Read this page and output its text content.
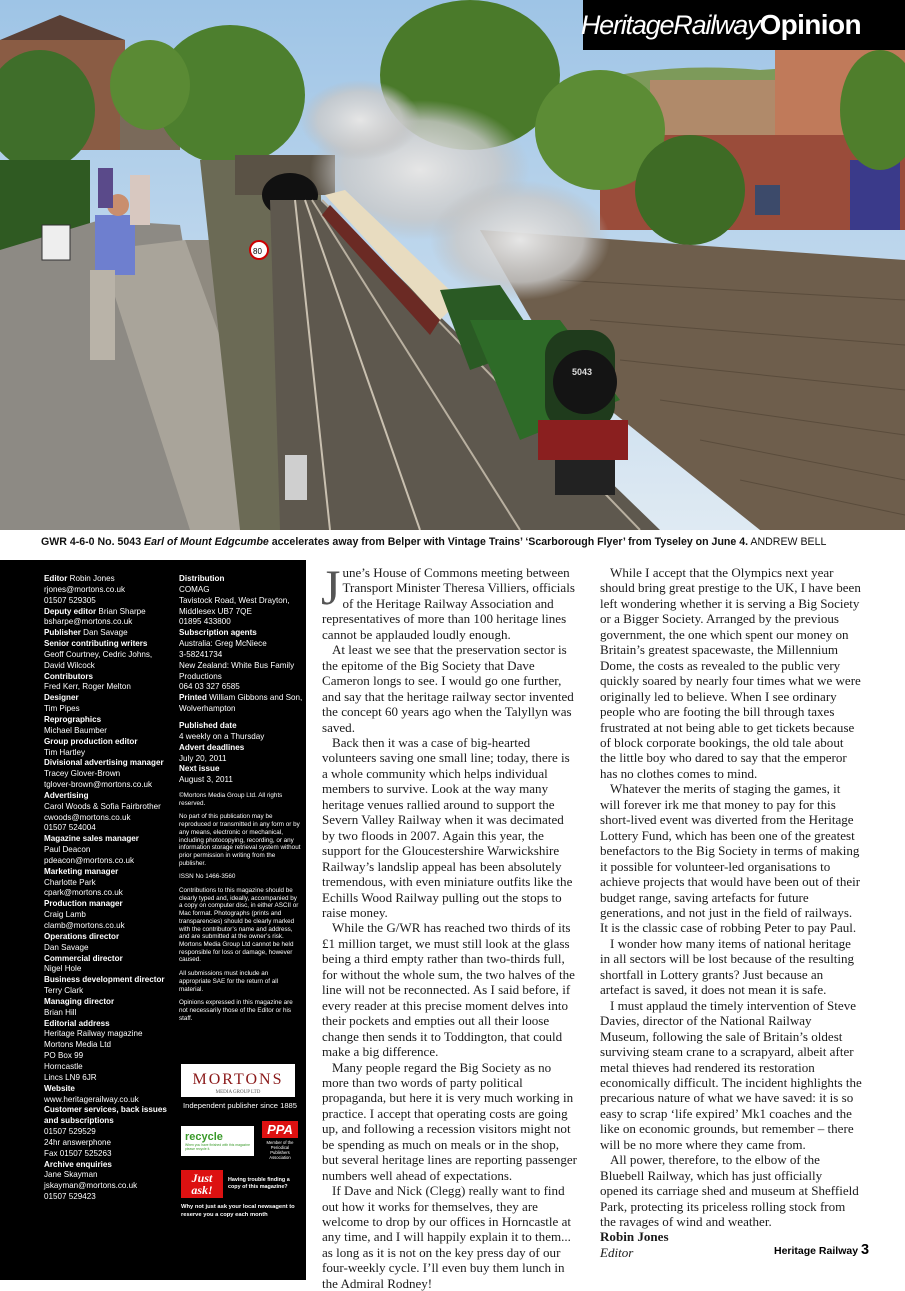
5043
80
HeritageRailway Opinion
GWR 4-6-0 No. 5043 Earl of Mount Edgcumbe accelerates away from Belper with Vintage Trains’ ‘Scarborough Flyer’ from Tyseley on June 4. ANDREW BELL
Editor Robin Jones
rjones@mortons.co.uk
01507 529305
Deputy editor Brian Sharpe
bsharpe@mortons.co.uk
Publisher Dan Savage
Senior contributing writers
Geoff Courtney, Cedric Johns,
David Wilcock
Contributors
Fred Kerr, Roger Melton
Designer
Tim Pipes
Reprographics
Michael Baumber
Group production editor
Tim Hartley
Divisional advertising manager
Tracey Glover-Brown
tglover-brown@mortons.co.uk
Advertising
Carol Woods & Sofia Fairbrother
cwoods@mortons.co.uk
01507 524004
Magazine sales manager
Paul Deacon
pdeacon@mortons.co.uk
Marketing manager
Charlotte Park
cpark@mortons.co.uk
Production manager
Craig Lamb
clamb@mortons.co.uk
Operations director
Dan Savage
Commercial director
Nigel Hole
Business development director
Terry Clark
Managing director
Brian Hill
Editorial address
Heritage Railway magazine
Mortons Media Ltd
PO Box 99
Horncastle
Lincs LN9 6JR
Website
www.heritagerailway.co.uk
Customer services, back issues
and subscriptions
01507 529529
24hr answerphone
Fax 01507 525263
Archive enquiries
Jane Skayman
jskayman@mortons.co.uk
01507 529423
Distribution
COMAG
Tavistock Road, West Drayton,
Middlesex UB7 7QE
01895 433800
Subscription agents
Australia: Greg McNiece
3-58241734
New Zealand: White Bus Family
Productions
064 03 327 6585
Printed William Gibbons and Son,
Wolverhampton
Published date
4 weekly on a Thursday
Advert deadlines
July 20, 2011
Next issue
August 3, 2011

©Mortons Media Group Ltd. All rights reserved.

No part of this publication may be reproduced or transmitted in any form or by any means, electronic or mechanical, including photocopying, recording, or any information storage retrieval system without prior permission in writing from the publisher.

ISSN No 1466-3560

Contributions to this magazine should be clearly typed and, ideally, accompanied by a copy on computer disc, in either ASCII or Mac format. Photographs (prints and transparencies) should be clearly marked with the contributor’s name and address, and are submitted at the owner’s risk. Mortons Media Group Ltd cannot be held responsible for loss or damage, however caused.

All submissions must include an appropriate SAE for the return of all material.

Opinions expressed in this magazine are not necessarily those of the Editor or his staff.

MORTONS
MEDIA GROUP LTD
Independent publisher since 1885
recycle
When you have finished with this magazine please recycle it.
PPA
Member of the Periodical Publishers Association
Just ask!
Having trouble finding a copy of this magazine?
Why not just ask your local newsagent to reserve you a copy each month
J une’s House of Commons meeting between Transport Minister Theresa Villiers, officials of the Heritage Railway Association and representatives of more than 100 heritage lines cannot be applauded loudly enough.

At least we see that the preservation sector is the epitome of the Big Society that Dave Cameron longs to see. I would go one further, and say that the heritage railway sector invented the concept 60 years ago when the Talyllyn was saved.

Back then it was a case of big-hearted volunteers saving one small line; today, there is a whole community which helps individual members to survive. Look at the way many heritage venues rallied around to support the Severn Valley Railway when it was decimated by two floods in 2007. Again this year, the support for the Gloucestershire Warwickshire Railway’s landslip appeal has been absolutely tremendous, with even miniature outfits like the Echills Wood Railway pulling out the stops to raise money.

While the G/WR has reached two thirds of its £1 million target, we must still look at the glass being a third empty rather than two-thirds full, for without the whole sum, the two halves of the line will not be reconnected. As I said before, if every reader at this precise moment delves into their pockets and empties out all their loose change then sends it to Toddington, that could make a big difference.

Many people regard the Big Society as no more than two words of party political propaganda, but here it is very much working in practice. I accept that operating costs are going up, and following a recession visitors might not be spending as much on meals or in the shop, but several heritage lines are reporting passenger numbers well ahead of expectations.

If Dave and Nick (Clegg) really want to find out how it works for themselves, they are welcome to drop by our offices in Horncastle at any time, and I will happily explain it to them... as long as it is not on the key press day of our four-weekly cycle. I’ll even buy them lunch in the Admiral Rodney!

While I accept that the Olympics next year should bring great prestige to the UK, I have been left wondering whether it is serving a Big Society or a Bigger Society. Arranged by the previous government, the one which spent our money on Britain’s greatest spacewaste, the Millennium Dome, the costs as revealed to the public very quickly soared by nearly four times what we were originally led to believe. When I see ordinary people who are footing the bill through taxes frustrated at not being able to get tickets because of block corporate bookings, the old tale about the little boy who dared to say that the emperor has no clothes comes to mind.

Whatever the merits of staging the games, it will forever irk me that money to pay for this short-lived event was diverted from the Heritage Lottery Fund, which has been one of the greatest benefactors to the Big Society in terms of making it possible for volunteer-led organisations to achieve projects that would have been out of their budget range, saving artefacts for future generations, and not just in the field of railways. It is the classic case of robbing Peter to pay Paul.

I wonder how many items of national heritage in all sectors will be lost because of the resulting shortfall in Lottery grants? Just because an artefact is saved, it does not mean it is safe.

I must applaud the timely intervention of Steve Davies, director of the National Railway Museum, following the sale of Britain’s oldest surviving steam crane to a scrapyard, albeit after metal thieves had rendered its restoration economically difficult. The incident highlights the precarious nature of what we have saved: it is so easy to scrap ‘life expired’ Mk1 coaches and the like on economic grounds, but remember – there will be no more where they came from.

All power, therefore, to the elbow of the Bluebell Railway, which has just officially opened its carriage shed and museum at Sheffield Park, protecting its priceless rolling stock from the ravages of wind and weather.

Robin Jones
Editor	Heritage Railway 3
